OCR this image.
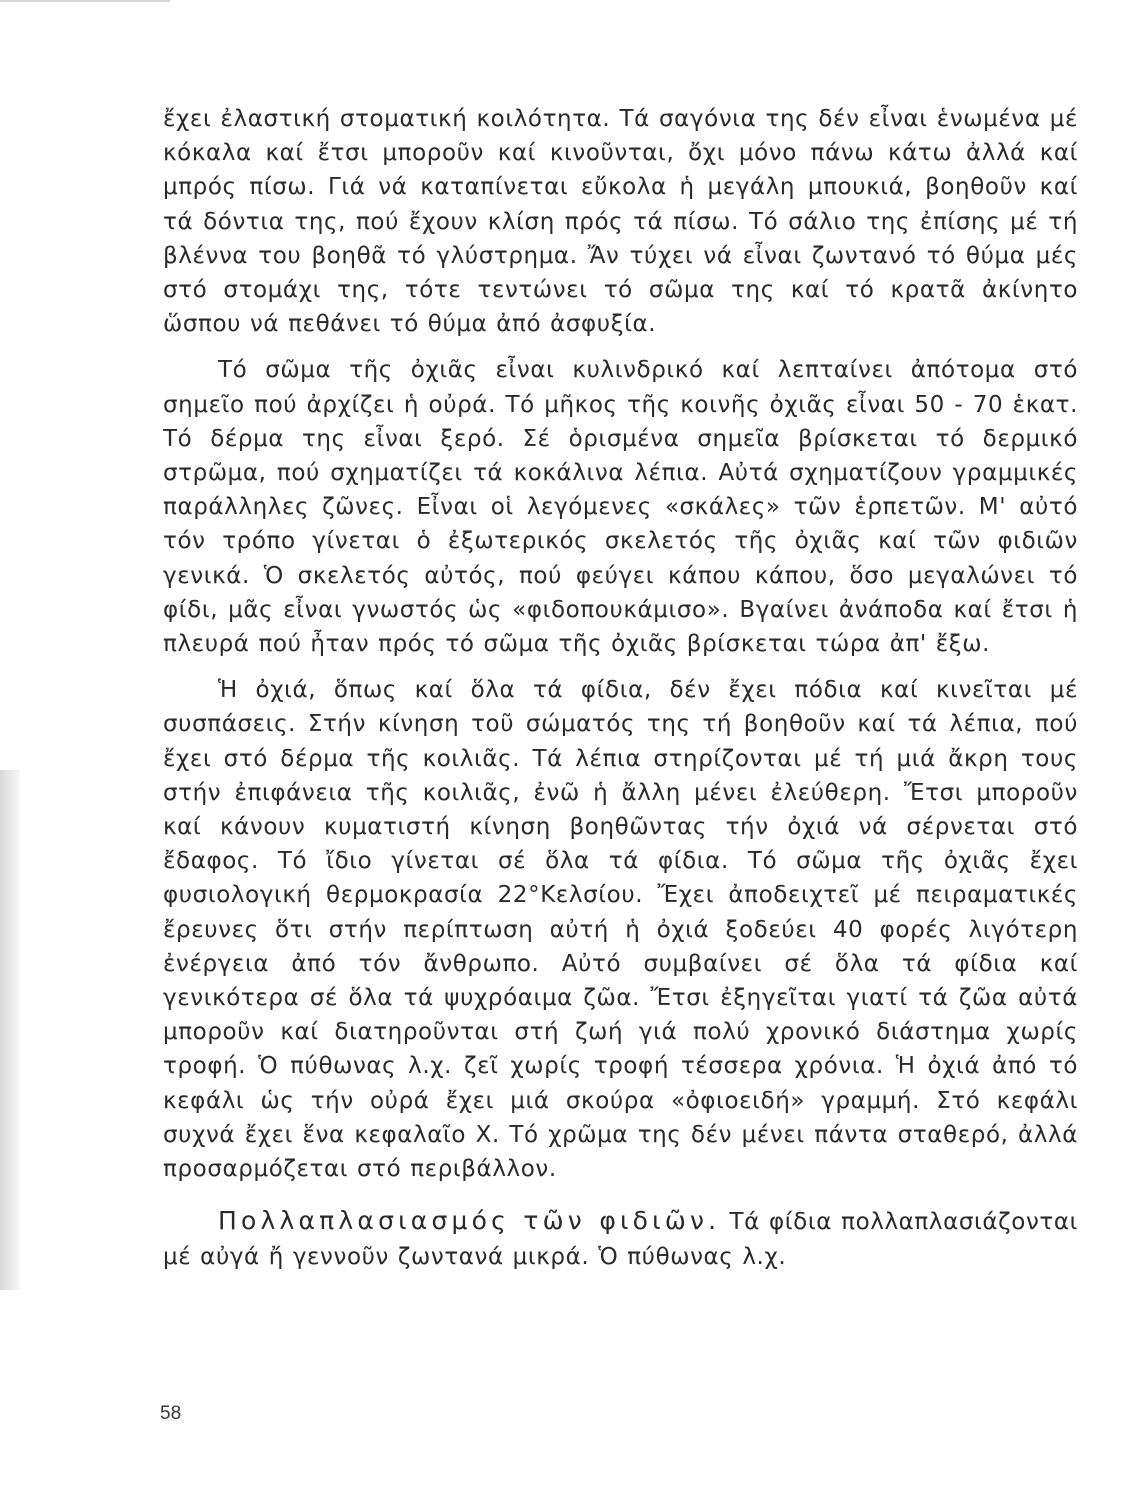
ἔχει ἐλαστική στοματική κοιλότητα. Τά σαγόνια της δέν εἶναι ἑνωμένα μέ κόκαλα καί ἔτσι μποροῦν καί κινοῦνται, ὄχι μόνο πάνω κάτω ἀλλά καί μπρός πίσω. Γιά νά καταπίνεται εὔκολα ἡ μεγάλη μπουκιά, βοηθοῦν καί τά δόντια της, πού ἔχουν κλίση πρός τά πίσω. Τό σάλιο της ἐπίσης μέ τή βλέννα του βοηθᾶ τό γλύστρημα. Ἄν τύχει νά εἶναι ζωντανό τό θύμα μές στό στομάχι της, τότε τεντώνει τό σῶμα της καί τό κρατᾶ ἀκίνητο ὥσπου νά πεθάνει τό θύμα ἀπό ἀσφυξία.

Τό σῶμα τῆς ὀχιᾶς εἶναι κυλινδρικό καί λεπταίνει ἀπότομα στό σημεῖο πού ἀρχίζει ἡ οὐρά. Τό μῆκος τῆς κοινῆς ὀχιᾶς εἶναι 50 - 70 ἑκατ. Τό δέρμα της εἶναι ξερό. Σέ ὁρισμένα σημεῖα βρίσκεται τό δερμικό στρῶμα, πού σχηματίζει τά κοκάλινα λέπια. Αὐτά σχηματίζουν γραμμικές παράλληλες ζῶνες. Εἶναι οἱ λεγόμενες «σκάλες» τῶν ἑρπετῶν. Μ' αὐτό τόν τρόπο γίνεται ὁ ἐξωτερικός σκελετός τῆς ὀχιᾶς καί τῶν φιδιῶν γενικά. Ὁ σκελετός αὐτός, πού φεύγει κάπου κάπου, ὅσο μεγαλώνει τό φίδι, μᾶς εἶναι γνωστός ὡς «φιδοπουκάμισο». Βγαίνει ἀνάποδα καί ἔτσι ἡ πλευρά πού ἦταν πρός τό σῶμα τῆς ὀχιᾶς βρίσκεται τώρα ἀπ' ἔξω.

Ἡ ὀχιά, ὅπως καί ὅλα τά φίδια, δέν ἔχει πόδια καί κινεῖται μέ συσπάσεις. Στήν κίνηση τοῦ σώματός της τή βοηθοῦν καί τά λέπια, πού ἔχει στό δέρμα τῆς κοιλιᾶς. Τά λέπια στηρίζονται μέ τή μιά ἄκρη τους στήν ἐπιφάνεια τῆς κοιλιᾶς, ἐνῶ ἡ ἄλλη μένει ἐλεύθερη. Ἔτσι μποροῦν καί κάνουν κυματιστή κίνηση βοηθῶντας τήν ὀχιά νά σέρνεται στό ἔδαφος. Τό ἴδιο γίνεται σέ ὅλα τά φίδια. Τό σῶμα τῆς ὀχιᾶς ἔχει φυσιολογική θερμοκρασία 22°Κελσίου. Ἔχει ἀποδειχτεῖ μέ πειραματικές ἔρευνες ὅτι στήν περίπτωση αὐτή ἡ ὀχιά ξοδεύει 40 φορές λιγότερη ἐνέργεια ἀπό τόν ἄνθρωπο. Αὐτό συμβαίνει σέ ὅλα τά φίδια καί γενικότερα σέ ὅλα τά ψυχρόαιμα ζῶα. Ἔτσι ἐξηγεῖται γιατί τά ζῶα αὐτά μποροῦν καί διατηροῦνται στή ζωή γιά πολύ χρονικό διάστημα χωρίς τροφή. Ὁ πύθωνας λ.χ. ζεῖ χωρίς τροφή τέσσερα χρόνια. Ἡ ὀχιά ἀπό τό κεφάλι ὡς τήν οὐρά ἔχει μιά σκούρα «ὀφιοειδή» γραμμή. Στό κεφάλι συχνά ἔχει ἕνα κεφαλαῖο Χ. Τό χρῶμα της δέν μένει πάντα σταθερό, ἀλλά προσαρμόζεται στό περιβάλλον.

Πολλαπλασιασμός τῶν φιδιῶν. Τά φίδια πολλαπλασιάζονται μέ αὐγά ἤ γεννοῦν ζωντανά μικρά. Ὁ πύθωνας λ.χ.

58
